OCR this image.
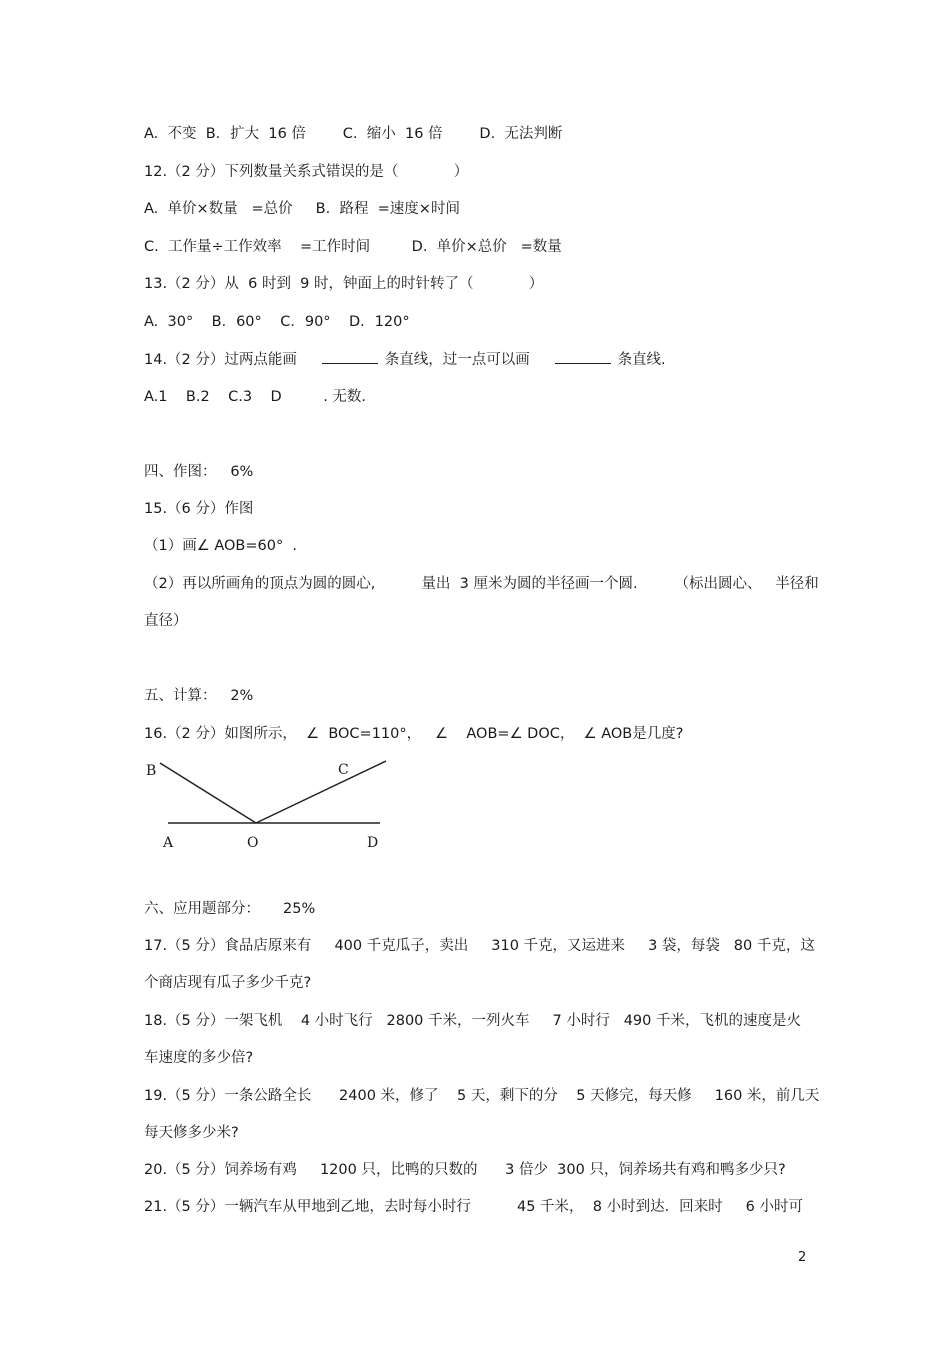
A.  不变  B．扩大  16 倍        C.  缩小  16 倍        D.  无法判断
12.（2 分）下列数量关系式错误的是（            ）
A.  单价×数量   =总价     B.  路程  =速度×时间
C.  工作量÷工作效率    =工作时间         D.  单价×总价   =数量
13.（2 分）从  6 时到  9 时，钟面上的时针转了（            ）
A.  30°    B．60°    C．90°    D．120°
14.（2 分）过两点能画	条直线，过一点可以画	条直线.
A.1    B.2    C.3    D         . 无数.
四、作图：   6%
15.（6 分）作图
（1）画∠ AOB=60°  .
（2）再以所画角的顶点为圆的圆心,          量出  3 厘米为圆的半径画一个圆.        （标出圆心、   半径和
直径）
五、计算：   2%
16.（2 分）如图所示，  ∠  BOC=110°，   ∠    AOB=∠ DOC，  ∠ AOB是几度?
B	C
A	O	D
六、应用题部分：     25%
17.（5 分）食品店原来有     400 千克瓜子，卖出     310 千克，又运进来     3 袋，每袋   80 千克，这
个商店现有瓜子多少千克?
18.（5 分）一架飞机    4 小时飞行   2800 千米，一列火车     7 小时行   490 千米，飞机的速度是火
车速度的多少倍?
19.（5 分）一条公路全长      2400 米，修了    5 天，剩下的分    5 天修完，每天修     160 米，前几天
每天修多少米?
20.（5 分）饲养场有鸡     1200 只，比鸭的只数的      3 倍少  300 只，饲养场共有鸡和鸭多少只?
21.（5 分）一辆汽车从甲地到乙地，去时每小时行          45 千米，  8 小时到达．回来时     6 小时可
2
